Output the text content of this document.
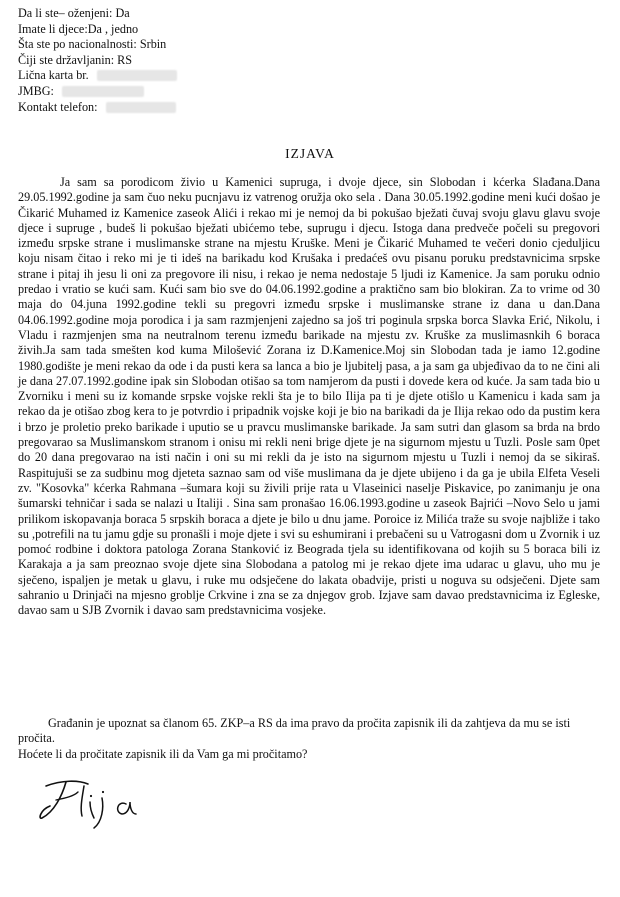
Da li ste– oženjeni: Da
Imate li djece:Da , jedno
Šta ste po nacionalnosti: Srbin
Čiji ste državljanin: RS
Lična karta br.
JMBG:
Kontakt telefon:
IZJAVA

Ja sam sa porodicom živio u Kamenici suprugа, i dvoje djece, sin Slobodan i kćerka Slađana.Dana 29.05.1992.godine ja sam čuo neku pucnjavu iz vatrenog oružja oko sela . Dana 30.05.1992.godine meni kući došao je Čikarić Muhamed iz Kamenice zaseok Alići i rekao mi je nemoj da bi pokušao bježati čuvaj svoju glavu glavu svoje djece i supruge , budeš li pokušao bježati ubićemo tebe, suprugu i djecu. Istoga dana predveče počeli su pregovori između srpske strane i muslimanske strane na mjestu Kruške. Meni je Čikarić Muhamed te večeri donio cjeduljicu koju nisam čitao i reko mi je ti ideš na barikadu kod Krušaka i predaćeš ovu pisanu poruku predstavnicima srpske strane i pitaj ih jesu li oni za pregovore ili nisu, i rekao je nema nedostaje 5 ljudi iz Kamenice. Ja sam poruku odnio predao i vratio se kući sam. Kući sam bio sve do 04.06.1992.godine a praktično sam bio blokiran. Za to vrime od 30 maja do 04.juna 1992.godine tekli su pregovri između srpske i muslimanske strane iz dana u dan.Dana 04.06.1992.godine moja porodica i ja sam razmjenjeni zajedno sa još tri poginula srpska borca Slavka Erić, Nikolu, i Vladu i razmjenjen sma na neutralnom terenu između barikade na mjestu zv. Kruške za muslimasnkih 6 boraca živih.Ja sam tada smešten kod kuma Milošević Zorana iz D.Kamenice.Moj sin Slobodan tada je iamo 12.godine 1980.godište je meni rekao da ode i da pusti kera sa lanca a bio je ljubitelj pasa, a ja sam ga ubjeđivao da to ne čini ali je dana 27.07.1992.godine ipak sin Slobodan otišao sa tom namjerom da pusti i dovede kera od kuće. Ja sam tada bio u Zvorniku i meni su iz komande srpske vojske rekli šta je to bilo Ilija pa ti je djete otišlo u Kamenicu i kada sam ja rekao da je otišao zbog kera to je potvrdio i pripadnik vojske koji je bio na barikadi da je Ilija rekao odo da pustim kera i brzo je proletio preko barikade i uputio se u pravcu muslimanske barikade. Ja sam sutri dan glasom sa brda na brdo pregovarao sa Muslimanskom stranom i onisu mi rekli neni brige djete je na sigurnom mjestu u Tuzli. Posle sam 0pet do 20 dana pregovarao na isti način i oni su mi rekli da je isto na sigurnom mjestu u Tuzli i nemoj da se sikiraš. Raspitujuši se za sudbinu mog djeteta saznao sam od više muslimana da je djete ubijeno i da ga je ubila Elfeta Veseli zv. "Kosovka" kćerka Rahmana –šumara koji su živili prije rata u Vlaseinici naselje Piskavice, po zanimanju je ona šumarski tehničar i sada se nalazi u Italiji . Sina sam pronašao 16.06.1993.godine u zaseok Bajrići –Novo Selo u jami prilikom iskopavanja boraca 5 srpskih boraca a djete je bilo u dnu jame. Poroice iz Milića traže su svoje najbliže i tako su ,potrefili na tu jamu gdje su pronašli i moje djete i svi su eshumirani i prebačeni su u Vatrogasni dom u Zvornik i uz pomoć rodbine i doktora patologa Zorana Stanković iz Beograda tjela su identifikovana od kojih su 5 boraca bili iz Karakaja a ja sam preoznao svoje djete sina Slobodana a patolog mi je rekao djete ima udarac u glavu, uho mu je sječeno, ispaljen je metak u glavu, i ruke mu odsječene do lakata obadvije, pristi u noguva su odsječeni. Djete sam sahranio u Drinjači na mjesno groblje Crkvine i zna se za dnjegov grob. Izjave sam davao predstavnicima iz Egleske, davao sam u SJB Zvornik i davao sam predstavnicima vosjeke.

Građanin je upoznat sa članom 65. ZKP–a RS da ima pravo da pročita zapisnik ili da zahtjeva da mu se isti pročita.

Hoćete li da pročitate zapisnik ili da Vam ga mi pročitamo?
